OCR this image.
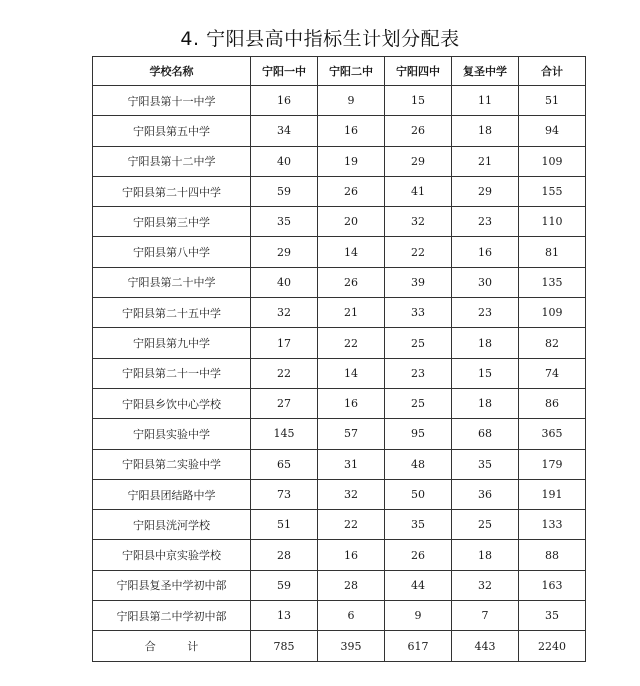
4. 宁阳县高中指标生计划分配表
学校名称	宁阳一中	宁阳二中	宁阳四中	复圣中学	合计
宁阳县第十一中学	16	9	15	11	51
宁阳县第五中学	34	16	26	18	94
宁阳县第十二中学	40	19	29	21	109
宁阳县第二十四中学	59	26	41	29	155
宁阳县第三中学	35	20	32	23	110
宁阳县第八中学	29	14	22	16	81
宁阳县第二十中学	40	26	39	30	135
宁阳县第二十五中学	32	21	33	23	109
宁阳县第九中学	17	22	25	18	82
宁阳县第二十一中学	22	14	23	15	74
宁阳县乡饮中心学校	27	16	25	18	86
宁阳县实验中学	145	57	95	68	365
宁阳县第二实验中学	65	31	48	35	179
宁阳县团结路中学	73	32	50	36	191
宁阳县洸河学校	51	22	35	25	133
宁阳县中京实验学校	28	16	26	18	88
宁阳县复圣中学初中部	59	28	44	32	163
宁阳县第二中学初中部	13	6	9	7	35
合 计	785	395	617	443	2240
